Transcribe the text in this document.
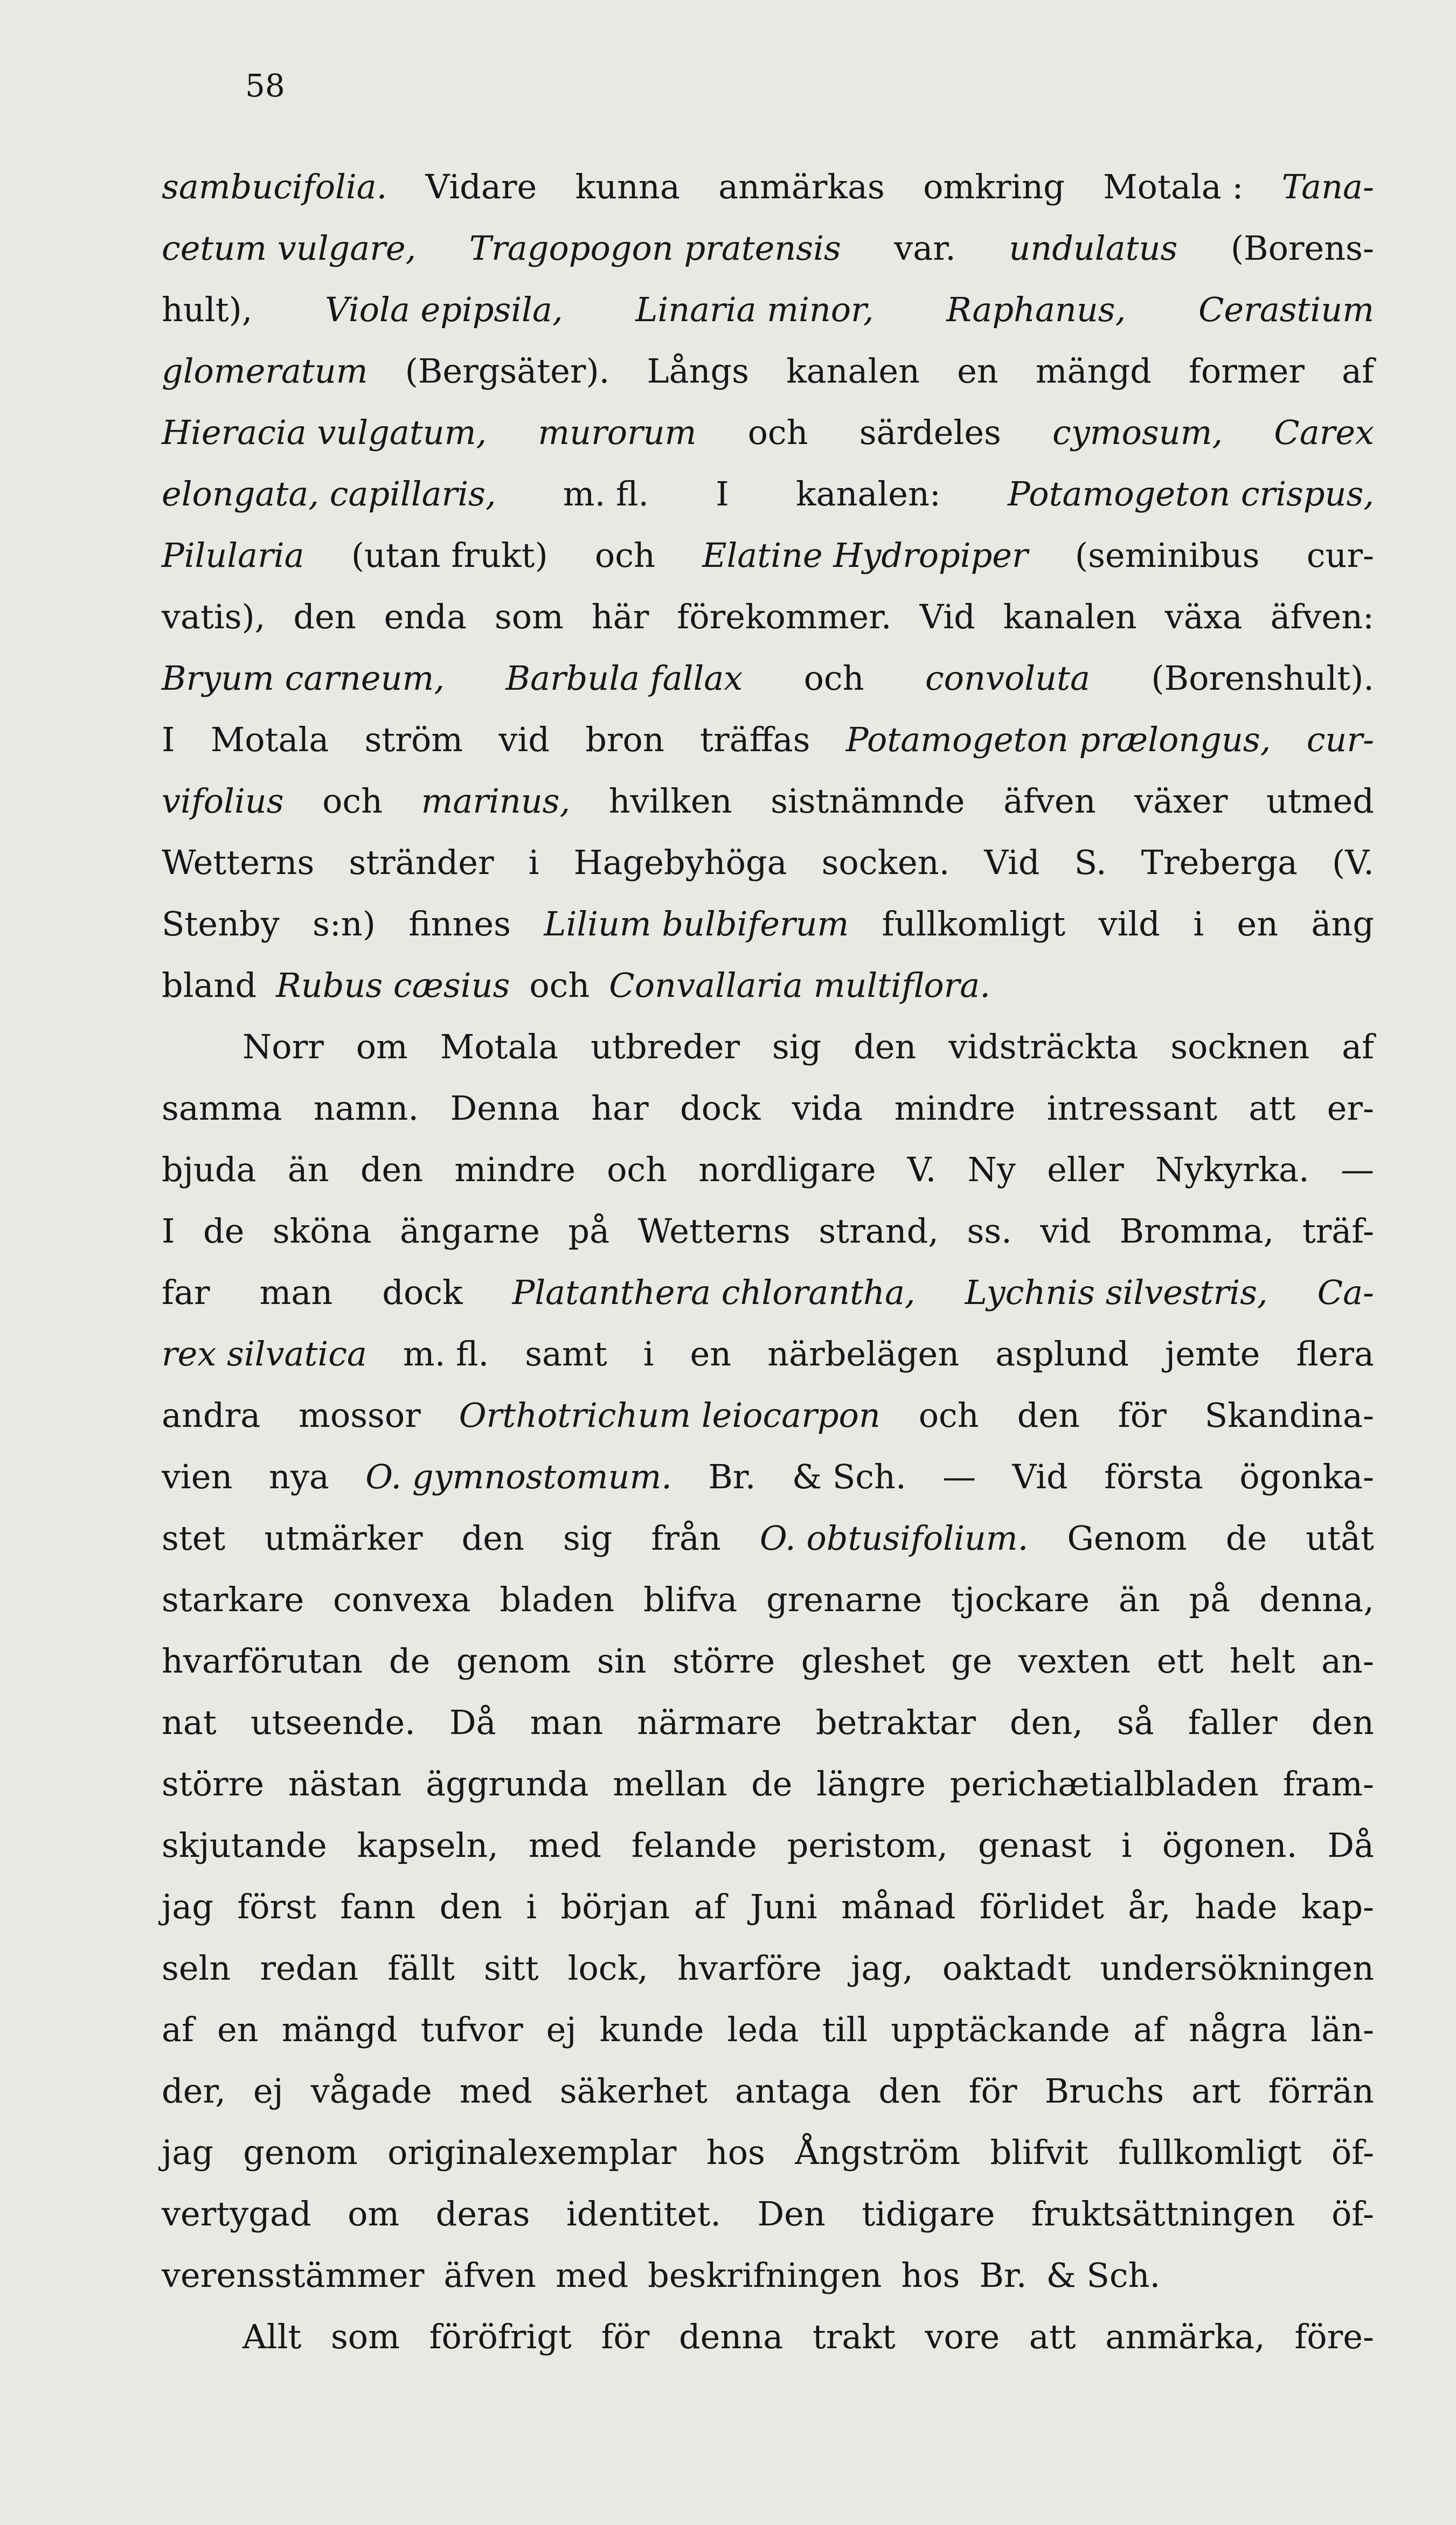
58
sambucifolia. Vidare kunna anmärkas omkring Motala : Tana-
cetum vulgare, Tragopogon pratensis var. undulatus (Borens-
hult), Viola epipsila, Linaria minor, Raphanus, Cerastium
glomeratum (Bergsäter). Långs kanalen en mängd former af
Hieracia vulgatum, murorum och särdeles cymosum, Carex
elongata, capillaris, m. fl. I kanalen: Potamogeton crispus,
Pilularia (utan frukt) och Elatine Hydropiper (seminibus cur-
vatis), den enda som här förekommer. Vid kanalen växa äfven:
Bryum carneum, Barbula fallax och convoluta (Borenshult).
I Motala ström vid bron träffas Potamogeton prælongus, cur-
vifolius och marinus, hvilken sistnämnde äfven växer utmed
Wetterns stränder i Hagebyhöga socken. Vid S. Treberga (V.
Stenby s:n) finnes Lilium bulbiferum fullkomligt vild i en äng
bland Rubus cæsius och Convallaria multiflora.
Norr om Motala utbreder sig den vidsträckta socknen af
samma namn. Denna har dock vida mindre intressant att er-
bjuda än den mindre och nordligare V. Ny eller Nykyrka. —
I de sköna ängarne på Wetterns strand, ss. vid Bromma, träf-
far man dock Platanthera chlorantha, Lychnis silvestris, Ca-
rex silvatica m. fl. samt i en närbelägen asplund jemte flera
andra mossor Orthotrichum leiocarpon och den för Skandina-
vien nya O. gymnostomum. Br. & Sch. — Vid första ögonka-
stet utmärker den sig från O. obtusifolium. Genom de utåt
starkare convexa bladen blifva grenarne tjockare än på denna,
hvarförutan de genom sin större gleshet ge vexten ett helt an-
nat utseende. Då man närmare betraktar den, så faller den
större nästan äggrunda mellan de längre perichætialbladen fram-
skjutande kapseln, med felande peristom, genast i ögonen. Då
jag först fann den i början af Juni månad förlidet år, hade kap-
seln redan fällt sitt lock, hvarföre jag, oaktadt undersökningen
af en mängd tufvor ej kunde leda till upptäckande af några län-
der, ej vågade med säkerhet antaga den för Bruchs art förrän
jag genom originalexemplar hos Ångström blifvit fullkomligt öf-
vertygad om deras identitet. Den tidigare fruktsättningen öf-
verensstämmer äfven med beskrifningen hos Br. & Sch.
Allt som föröfrigt för denna trakt vore att anmärka, före-
